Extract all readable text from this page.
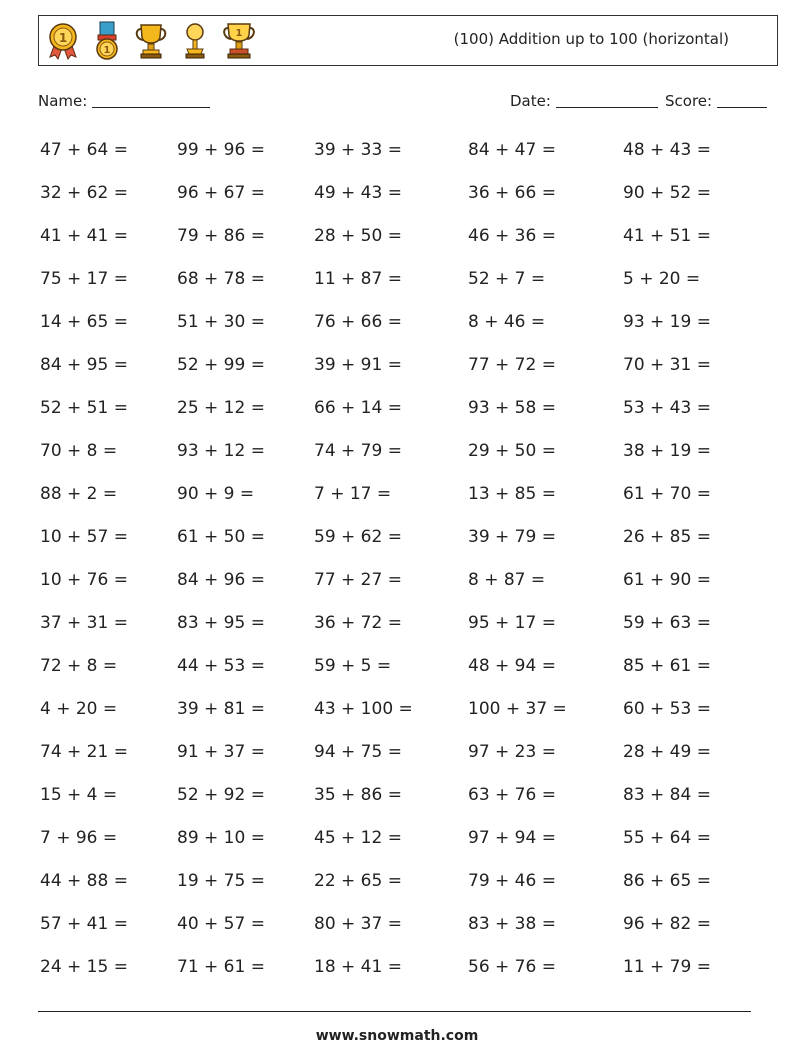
1
1
1	(100) Addition up to 100 (horizontal)
Name:	Date:	Score:
47 + 64 =	99 + 96 =	39 + 33 =	84 + 47 =	48 + 43 =
32 + 62 =	96 + 67 =	49 + 43 =	36 + 66 =	90 + 52 =
41 + 41 =	79 + 86 =	28 + 50 =	46 + 36 =	41 + 51 =
75 + 17 =	68 + 78 =	11 + 87 =	52 + 7 =	5 + 20 =
14 + 65 =	51 + 30 =	76 + 66 =	8 + 46 =	93 + 19 =
84 + 95 =	52 + 99 =	39 + 91 =	77 + 72 =	70 + 31 =
52 + 51 =	25 + 12 =	66 + 14 =	93 + 58 =	53 + 43 =
70 + 8 =	93 + 12 =	74 + 79 =	29 + 50 =	38 + 19 =
88 + 2 =	90 + 9 =	7 + 17 =	13 + 85 =	61 + 70 =
10 + 57 =	61 + 50 =	59 + 62 =	39 + 79 =	26 + 85 =
10 + 76 =	84 + 96 =	77 + 27 =	8 + 87 =	61 + 90 =
37 + 31 =	83 + 95 =	36 + 72 =	95 + 17 =	59 + 63 =
72 + 8 =	44 + 53 =	59 + 5 =	48 + 94 =	85 + 61 =
4 + 20 =	39 + 81 =	43 + 100 =	100 + 37 =	60 + 53 =
74 + 21 =	91 + 37 =	94 + 75 =	97 + 23 =	28 + 49 =
15 + 4 =	52 + 92 =	35 + 86 =	63 + 76 =	83 + 84 =
7 + 96 =	89 + 10 =	45 + 12 =	97 + 94 =	55 + 64 =
44 + 88 =	19 + 75 =	22 + 65 =	79 + 46 =	86 + 65 =
57 + 41 =	40 + 57 =	80 + 37 =	83 + 38 =	96 + 82 =
24 + 15 =	71 + 61 =	18 + 41 =	56 + 76 =	11 + 79 =
www.snowmath.com
